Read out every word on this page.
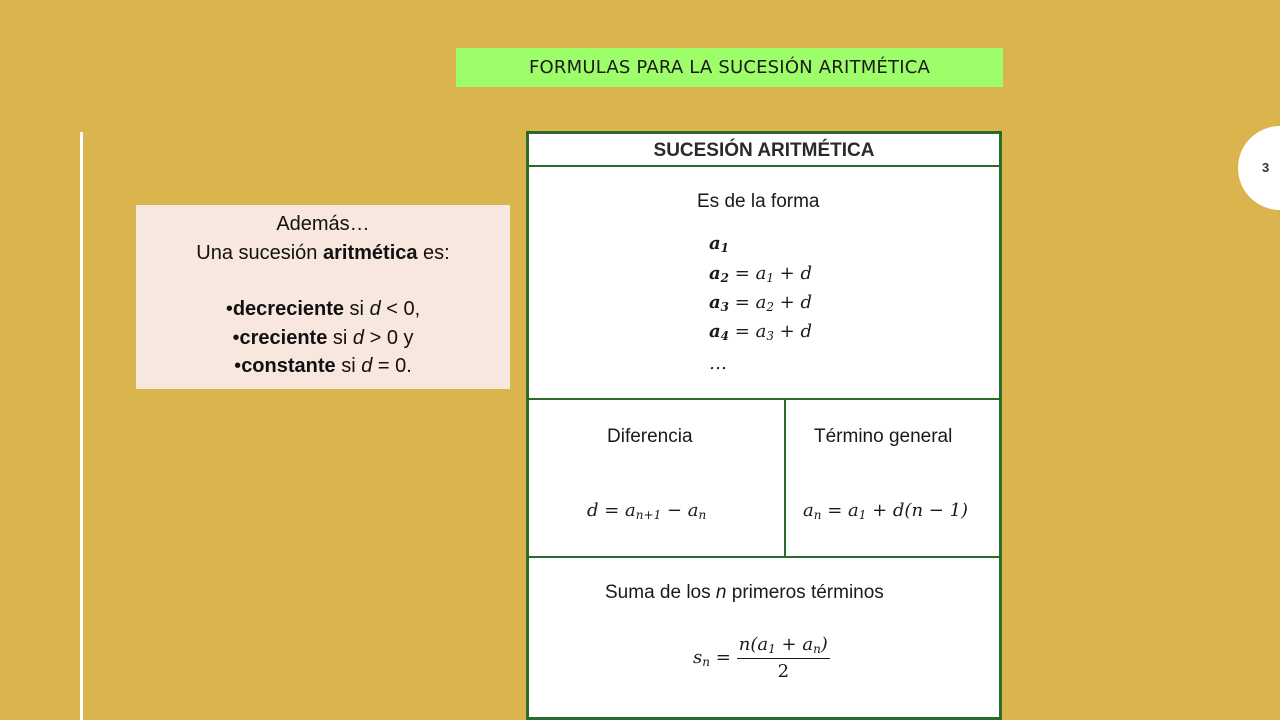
FORMULAS PARA LA SUCESIÓN ARITMÉTICA
3
Además…
Una sucesión aritmética es:
•decreciente si d < 0,
•creciente si d > 0 y
•constante si d = 0.
SUCESIÓN ARITMÉTICA
Es de la forma
$a_1$
$a_2 = a_1 + d$
$a_3 = a_2 + d$
$a_4 = a_3 + d$
…
Diferencia	Término general
$d = a_{n+1} - a_n$	$a_n = a_1 + d(n - 1)$
Suma de los n primeros términos
$s_n = \frac{n(a_1 + a_n)}{2}$
